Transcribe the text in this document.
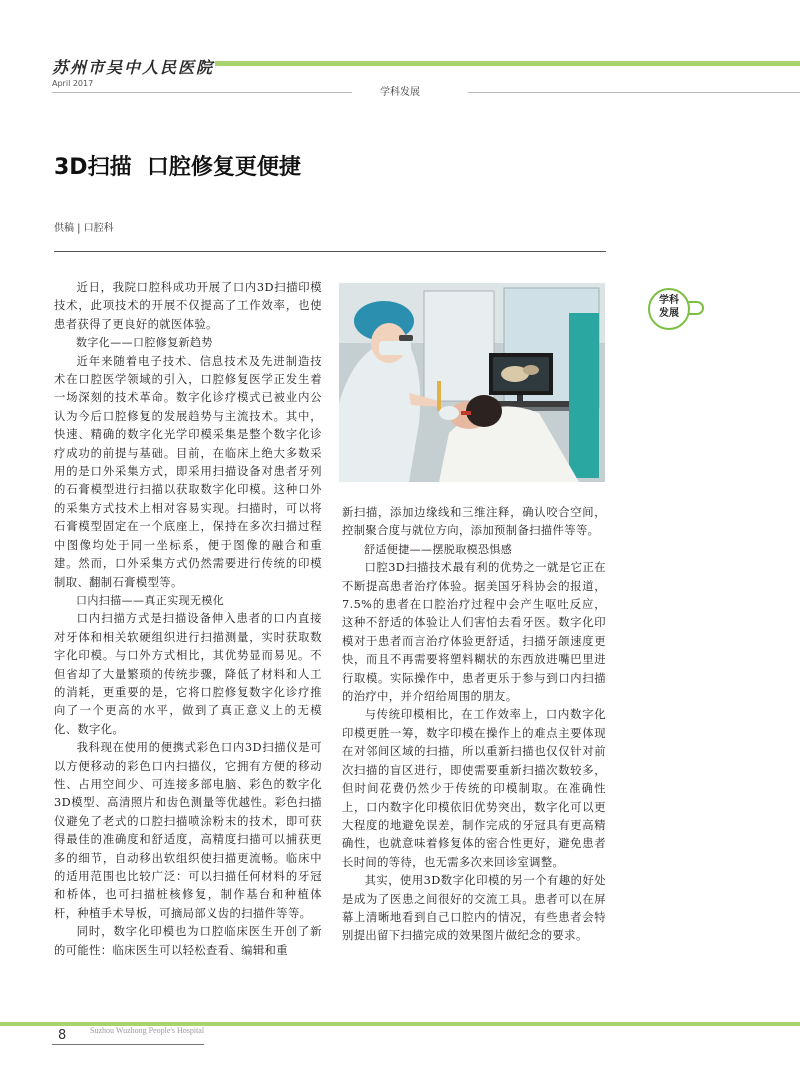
苏州市吴中人民医院
April 2017
学科发展
3D扫描  口腔修复更便捷
供稿 | 口腔科
学科
发展

近日，我院口腔科成功开展了口内3D扫描印模技术，此项技术的开展不仅提高了工作效率，也使患者获得了更良好的就医体验。

数字化——口腔修复新趋势

近年来随着电子技术、信息技术及先进制造技术在口腔医学领域的引入，口腔修复医学正发生着一场深刻的技术革命。数字化诊疗模式已被业内公认为今后口腔修复的发展趋势与主流技术。其中，快速、精确的数字化光学印模采集是整个数字化诊疗成功的前提与基础。目前，在临床上绝大多数采用的是口外采集方式，即采用扫描设备对患者牙列的石膏模型进行扫描以获取数字化印模。这种口外的采集方式技术上相对容易实现。扫描时，可以将石膏模型固定在一个底座上，保持在多次扫描过程中图像均处于同一坐标系，便于图像的融合和重建。然而，口外采集方式仍然需要进行传统的印模制取、翻制石膏模型等。

口内扫描——真正实现无模化

口内扫描方式是扫描设备伸入患者的口内直接对牙体和相关软硬组织进行扫描测量，实时获取数字化印模。与口外方式相比，其优势显而易见。不但省却了大量繁琐的传统步骤，降低了材料和人工的消耗，更重要的是，它将口腔修复数字化诊疗推向了一个更高的水平，做到了真正意义上的无模化、数字化。

我科现在使用的便携式彩色口内3D扫描仪是可以方便移动的彩色口内扫描仪，它拥有方便的移动性、占用空间少、可连接多部电脑、彩色的数字化3D模型、高清照片和齿色测量等优越性。彩色扫描仪避免了老式的口腔扫描喷涂粉末的技术，即可获得最佳的准确度和舒适度，高精度扫描可以捕获更多的细节，自动移出软组织使扫描更流畅。临床中的适用范围也比较广泛：可以扫描任何材料的牙冠和桥体，也可扫描桩核修复，制作基台和种植体杆，种植手术导板，可摘局部义齿的扫描件等等。

同时，数字化印模也为口腔临床医生开创了新的可能性：临床医生可以轻松查看、编辑和重

新扫描，添加边缘线和三维注释，确认咬合空间，控制聚合度与就位方向，添加预制备扫描件等等。

舒适便捷——摆脱取模恐惧感

口腔3D扫描技术最有利的优势之一就是它正在不断提高患者治疗体验。据美国牙科协会的报道，7.5%的患者在口腔治疗过程中会产生呕吐反应，这种不舒适的体验让人们害怕去看牙医。数字化印模对于患者而言治疗体验更舒适，扫描牙颌速度更快，而且不再需要将塑料糊状的东西放进嘴巴里进行取模。实际操作中，患者更乐于参与到口内扫描的治疗中，并介绍给周围的朋友。

与传统印模相比，在工作效率上，口内数字化印模更胜一筹，数字印模在操作上的难点主要体现在对邻间区域的扫描，所以重新扫描也仅仅针对前次扫描的盲区进行，即使需要重新扫描次数较多，但时间花费仍然少于传统的印模制取。在准确性上，口内数字化印模依旧优势突出，数字化可以更大程度的地避免误差，制作完成的牙冠具有更高精确性，也就意味着修复体的密合性更好，避免患者长时间的等待，也无需多次来回诊室调整。

其实，使用3D数字化印模的另一个有趣的好处是成为了医患之间很好的交流工具。患者可以在屏幕上清晰地看到自己口腔内的情况，有些患者会特别提出留下扫描完成的效果图片做纪念的要求。

8	Suzhou Wuzhong People's Hospital
